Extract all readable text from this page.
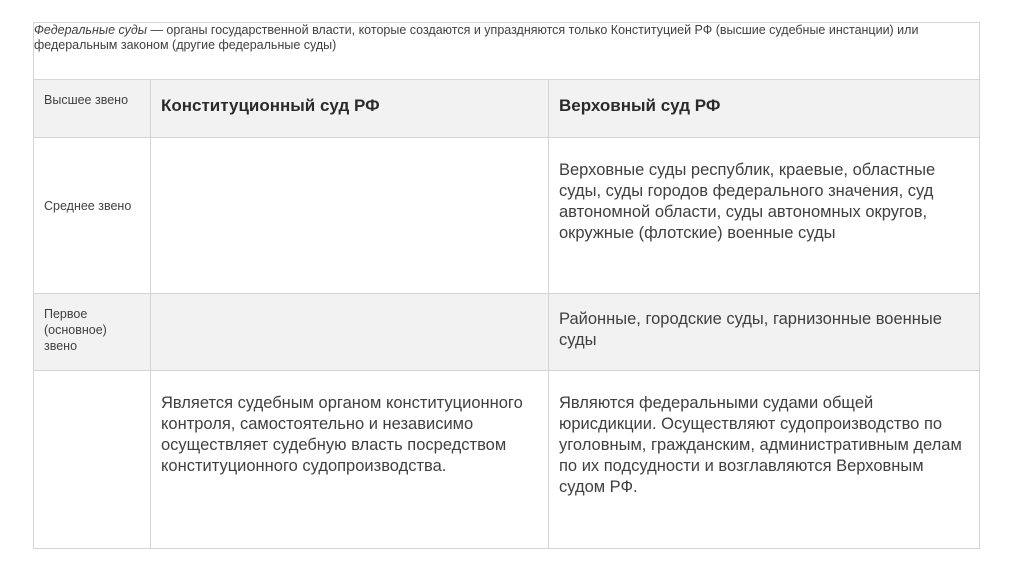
Федеральные суды — органы государственной власти, которые создаются и упраздняются только Конституцией РФ (высшие судебные инстанции) или федеральным законом (другие федеральные суды)		

Высшее звено	Конституционный суд РФ	Верховный суд РФ

Среднее звено		Верховные суды республик, краевые, областные суды, суды городов федерального значения, суд автономной области, суды автономных округов, окружные (флотские) военные суды

Первое (основное) звено		Районные, городские суды, гарнизонные военные суды

	Является судебным органом конституционного контроля, самостоятельно и независимо осуществляет судебную власть посредством конституционного судопроизводства.	Являются федеральными судами общей юрисдикции. Осуществляют судопроизводство по уголовным, гражданским, административным делам по их подсудности и возглавляются Верховным судом РФ.
